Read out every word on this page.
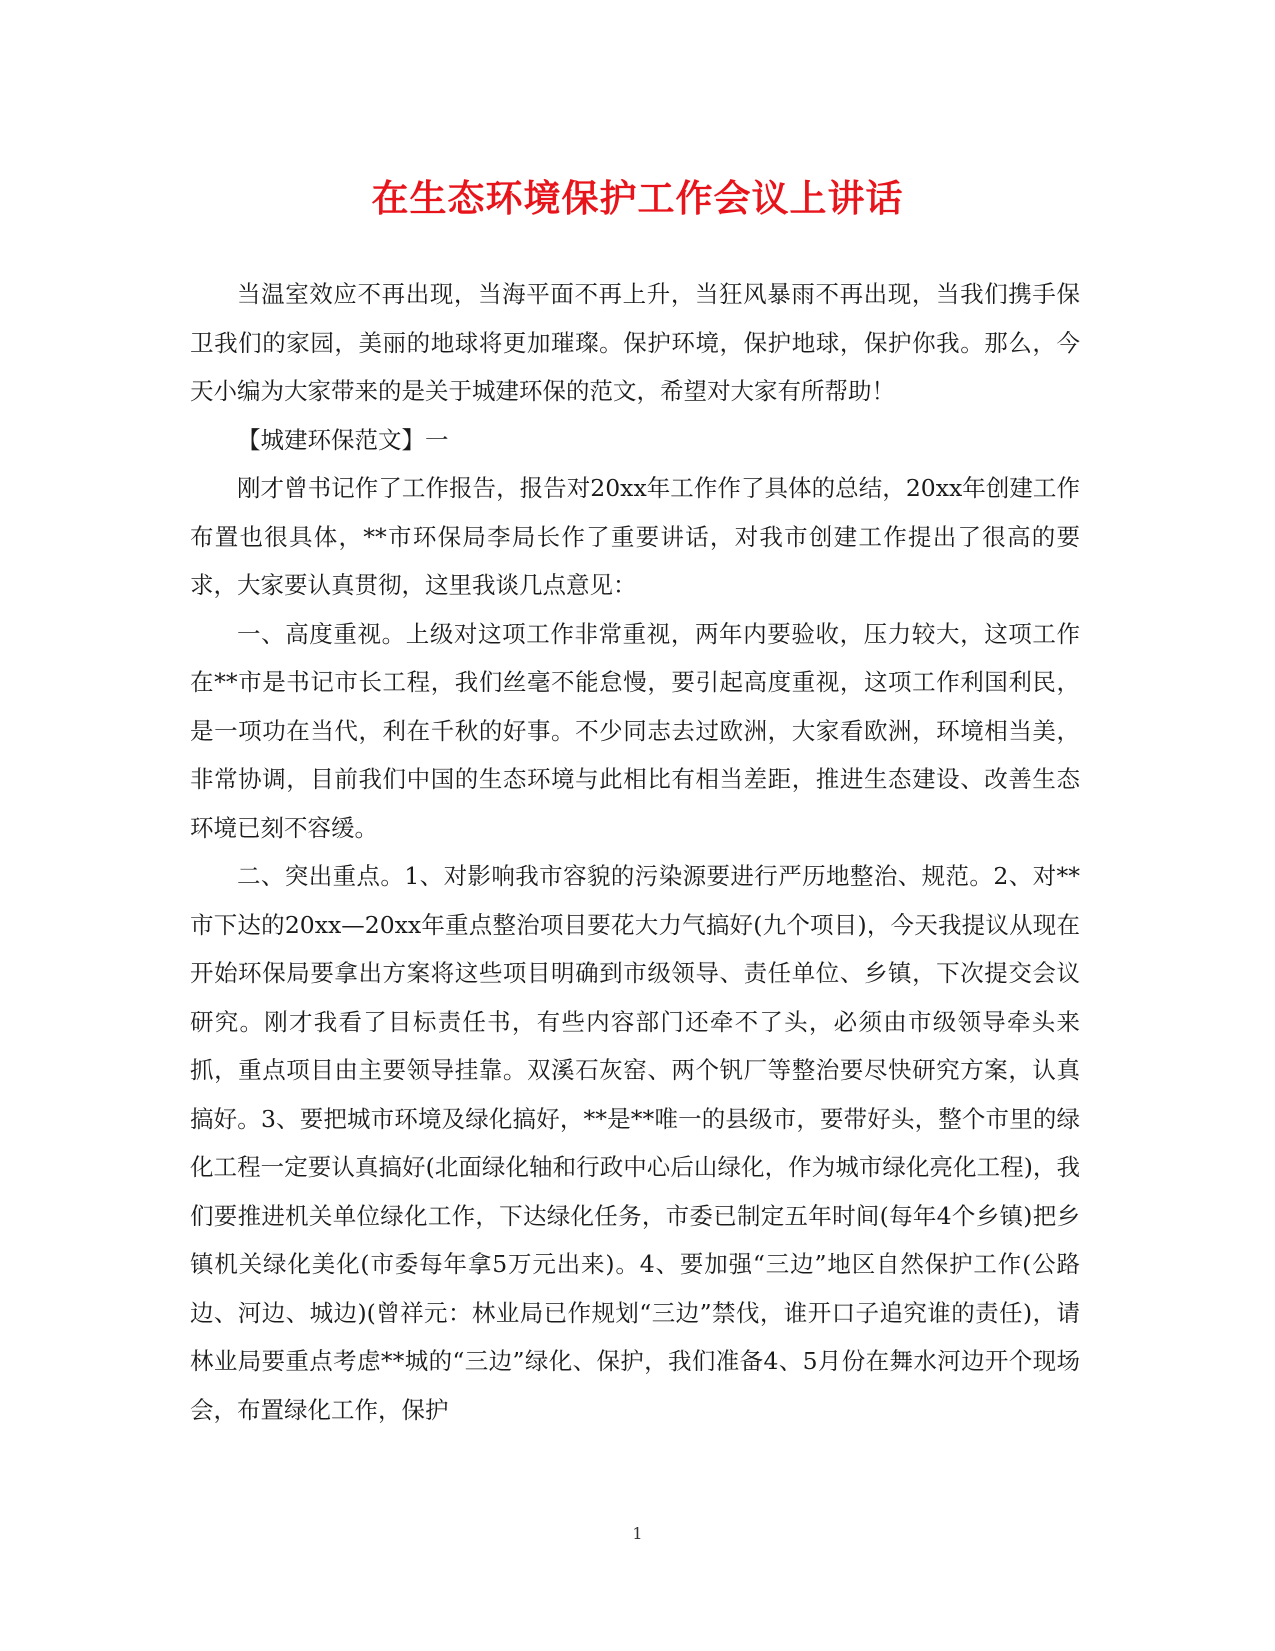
在生态环境保护工作会议上讲话

当温室效应不再出现，当海平面不再上升，当狂风暴雨不再出现，当我们携手保卫我们的家园，美丽的地球将更加璀璨。保护环境，保护地球，保护你我。那么，今天小编为大家带来的是关于城建环保的范文，希望对大家有所帮助！

【城建环保范文】一

刚才曾书记作了工作报告，报告对20xx年工作作了具体的总结，20xx年创建工作布置也很具体，**市环保局李局长作了重要讲话，对我市创建工作提出了很高的要求，大家要认真贯彻，这里我谈几点意见：

一、高度重视。上级对这项工作非常重视，两年内要验收，压力较大，这项工作在**市是书记市长工程，我们丝毫不能怠慢，要引起高度重视，这项工作利国利民，是一项功在当代，利在千秋的好事。不少同志去过欧洲，大家看欧洲，环境相当美，非常协调，目前我们中国的生态环境与此相比有相当差距，推进生态建设、改善生态环境已刻不容缓。

二、突出重点。1、对影响我市容貌的污染源要进行严历地整治、规范。2、对**市下达的20xx—20xx年重点整治项目要花大力气搞好(九个项目)，今天我提议从现在开始环保局要拿出方案将这些项目明确到市级领导、责任单位、乡镇，下次提交会议研究。刚才我看了目标责任书，有些内容部门还牵不了头，必须由市级领导牵头来抓，重点项目由主要领导挂靠。双溪石灰窑、两个钒厂等整治要尽快研究方案，认真搞好。3、要把城市环境及绿化搞好，**是**唯一的县级市，要带好头，整个市里的绿化工程一定要认真搞好(北面绿化轴和行政中心后山绿化，作为城市绿化亮化工程)，我们要推进机关单位绿化工作，下达绿化任务，市委已制定五年时间(每年4个乡镇)把乡镇机关绿化美化(市委每年拿5万元出来)。4、要加强“三边”地区自然保护工作(公路边、河边、城边)(曾祥元：林业局已作规划“三边”禁伐，谁开口子追究谁的责任)，请林业局要重点考虑**城的“三边”绿化、保护，我们准备4、5月份在舞水河边开个现场会，布置绿化工作，保护

1
